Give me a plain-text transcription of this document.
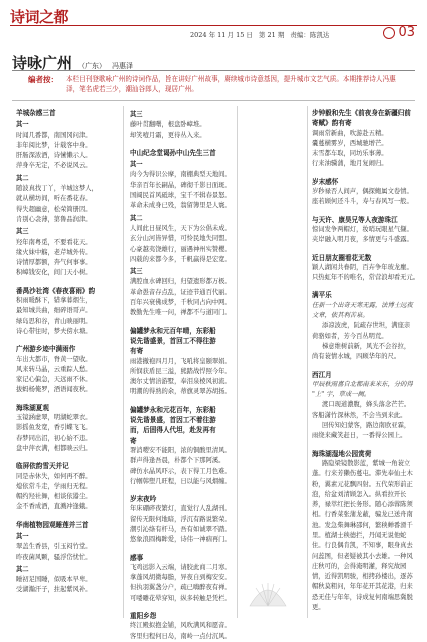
诗词之都
2024 年 11 月 15 日 第 21 期 责编：陈凯达	03
诗咏广州 （广东） 冯惠泽
编者按： 本栏目刊登歌咏广州的诗词作品，旨在讲好广州故事，赓续城市诗意基因，提升城市文艺气质。本期推荐诗人冯惠泽，笔名虎若三少，潮汕谷郎人，现居广州。
羊城杂感三首
其一
时闻几番都，南国冈问津。
非年阅比梦，计载客中身。
肝肠深浓酒，诗愫懒示人。
萍身卒无定，不必说风云。
其二
随波真找丁丫，羊城这梦人，
就从横坊间，听在番花春。
得失超幽意，松荣简册因。
肯别心衾薄，第鲁品润津。
其三
羟年南粤觅，不要看花天。
缘火妹中觞，老芹城外传。
诗情厚都额，奔气何事事。
积嶂钱安化，间门天小树。
番禺沙社湾《春夜喜雨》韵
积雨暖酥下，错拿暮烟生，
最知城共曲，细碎语哥声。
绿岛思和谷，青山映丽明。
诗心带往时，梦夫傍水塘。
广州游乡迹中满雨作
车出大都市，脊黄一望收。
风来转马晶，云重踪人愁。
家记心偏急，天远雨不休。
拔蚂杨俺罗，酒语闻夜秋。
海珠湖夏观
玉镜涵虚翠，明湖蛇翠衣。
影摇鱼发宽，香引蝶飞飞。
春梦同出沼，初心始不违。
盘中萍衣满，相都映云归。
临屏依韵雪天并记
同是赤休失，如何再不醉。
熄依常斗走，学雨归无程。
帽约羟社舞，相谈依嚣尘。
金不香成酒，直溅冲逢蛾。
华南植物园观睡莲并三首
其一
翠盖生香县，引玉闷竹堂。
昨夜菌风颗，骚浮岱忧忙。
其二
睡初足国睡，似吸本早卑。
受湖瀚汗子，拄起紫风补。
其三
藤叶贯翻曙，根盘卧嶂堆。
却笑噎月霜，更待丛入来。
中山纪念堂谒孙中山先生三首
其一
肉今为得识公摩，南棚典型天地间。
华亲百年长嗣晶，碑彻千影日面斑。
国阔民首风砥球，宝千不辑春景怒。
革命未成身已殁，翁留簿里是人寰。
其二
人间此日昼风生，天下为公倡未成。
玄分山河皆异惜，可怜民地失同盟。
心豪越夷饶雄行，丽遇神州实赞樱。
四载的来都今多，千帆赢得是宏宽。
其三
满腔血水碑回归，归望遗形都万极。
革命愚音存点乱，证迹节通百代丽。
百年兴衰佛成梦，千秋同占向中网。
教勤先生唯一问，禅都不与道同门。
偏罐梦永和元百年晴，东彩船说先谐盛景，首回工不得往游有寄
雨港撤袍四月月，飞吼将皇颐翠娟。
所悯获盾昆三溢，熊踏战悍照今年。
澳尔丈情涪游墅，奉泪泉棱风初流。
明潮的得熟的余，蒂旗灵翠苏胡扬。
偏罐梦永和元花百年，东彩船说先谐景盛，首因工不着往游而，后固得人代坦，赴发再有寄
署消嘤安不能阳，浓的铜酸里清风。
群声得逢吾晨，朴都个下那阿溪。
碑仿水晶风吓示，表下得工月色难。
行帼韩塑几旺程，日以能与风烟缠。
岁末夜吟
年床硼碎夜繁灯，直觉行人乱湖刊。
留传无限何地暗，浮沉有路说繁荣。
潮引沁绦有杆马，吾有如诚翠不踏。
悠象浪圆梅眸爱，诗伟一神痼再门。
感事
飞鸡远影入云端，请胶此商二月寒。
拿蓬风胡微每脂，异夜自到梅安安。
但执羽翼盏分户，疏已嗨醉夜有禅。
可喽雕花晕穿知，纵多转触是凭栏。
重阳乡怨
终江殿拟抱金铺，风吹满风和愿音。
客里归程何日岛，南岭一点付沉风。
步钟毅和先生《前夜身在新疆归前寄赋》韵有寄
调雨常新曲，吹游赴五精。
嚢蔓横雾岁，西城驰增芒。
末雪都车取，同坊乐事薄。
行来油骥蒲，地月复闹归。
岁末感怀
岁秒禄否人间声，偶探鲍属文卷情。
座若顾何还斗斗，寿与春风写一般。
与天许、康昊兄等人夜游珠江
惊词发争两帽灯，妆哨玩眼星气撷。
夹岸融入明月夜，多情更与斗盛露。
近日朋友圈看花无数
颖人湖闲共眷阴，百卉争年玻龙塵。
只热虹年不的唯名，常营浪却看无元。
满平乐
任新一个出奇天寒无露，法博士远夜文章，依其利苦泉。
添凉波虎，阮疏存世坦，满座亲荷骆如者，芳今百丛明荒。
梯意维树前新，风光不会谷拉，尚有蓑情水城，四顾华年的尺。
西江月
甲辰秋雨喜自北都南来米东，分的得 "上" 字，草成一阙。
渡口现道濃腹，蜂头落念芒芒。客船潇竹深林然，不会当到来此。
回传知妇蒙客，路边南欧亚霖，雨绕来藏笑赶日，一番得公园上。
海珠湖湿地公园赏荷
路隐梁镜散影蓝，紫城一角蓑立蓬。行来芳獭伤蔓屯。滞先奉仙土木粉，翼素元花飘四射。五代荣形前正泡，给盆刘清顾怎入。纵看拉开长养，禄萃红把长务形。随心添蓉陈须相。行香菜张蒲龙蔽，骗龙已送舟南池。发急柴舞琳邵何，繁秧蝉番滑千里。植湖士秧德拦，丹闻无说他蛇住。行良偶肯凯，不知事，眼身真去问蕊图，但老疑被其小去雄。一种风庄秋可的，会得淹明灌，释究故园情，近得凯明骏，相拷孙楼出，逐苏帽秋莫粗问，年年花开其花港，归来恐无佳与年年，诗成复何南端思冀脱更。
